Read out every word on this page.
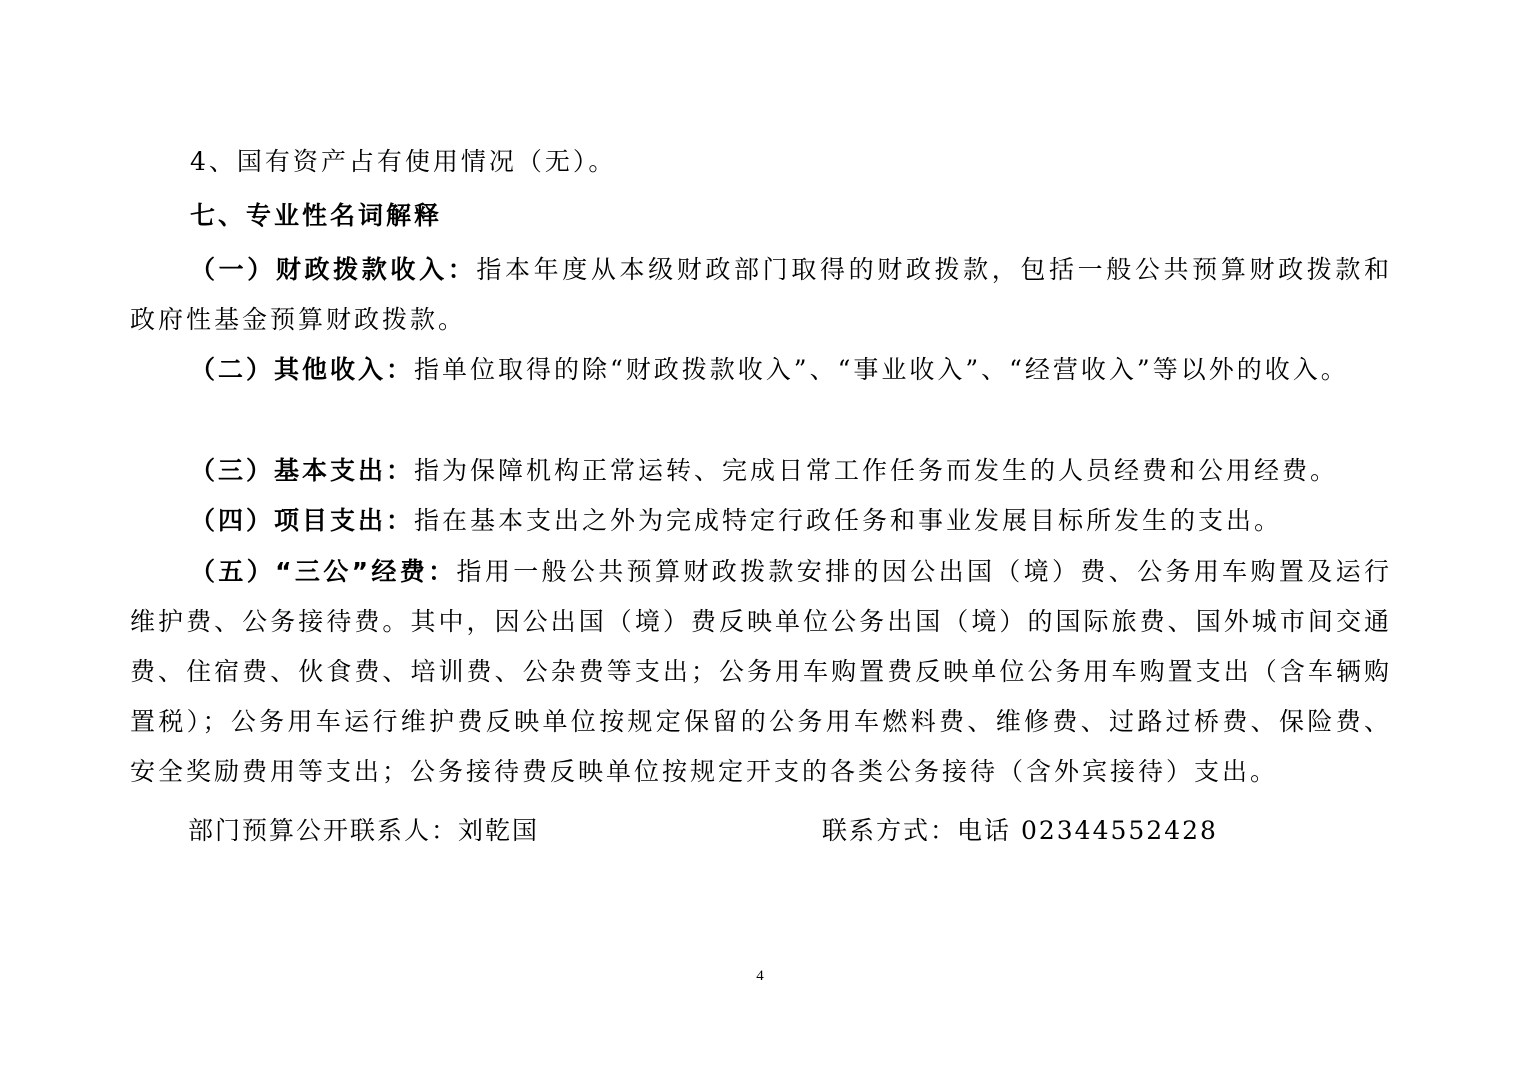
4、国有资产占有使用情况（无）。

七、专业性名词解释

（一）财政拨款收入：指本年度从本级财政部门取得的财政拨款，包括一般公共预算财政拨款和政府性基金预算财政拨款。

（二）其他收入：指单位取得的除“财政拨款收入”、“事业收入”、“经营收入”等以外的收入。

（三）基本支出：指为保障机构正常运转、完成日常工作任务而发生的人员经费和公用经费。

（四）项目支出：指在基本支出之外为完成特定行政任务和事业发展目标所发生的支出。

（五）“三公”经费：指用一般公共预算财政拨款安排的因公出国（境）费、公务用车购置及运行维护费、公务接待费。其中，因公出国（境）费反映单位公务出国（境）的国际旅费、国外城市间交通费、住宿费、伙食费、培训费、公杂费等支出；公务用车购置费反映单位公务用车购置支出（含车辆购置税）；公务用车运行维护费反映单位按规定保留的公务用车燃料费、维修费、过路过桥费、保险费、安全奖励费用等支出；公务接待费反映单位按规定开支的各类公务接待（含外宾接待）支出。

部门预算公开联系人：刘乾国	联系方式：电话 02344552428
4
